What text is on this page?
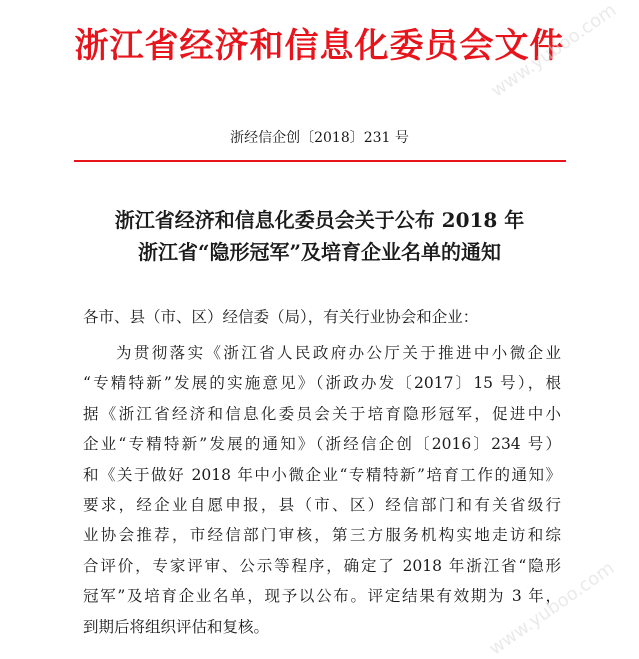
浙江省经济和信息化委员会文件
浙经信企创〔2018〕231 号
浙江省经济和信息化委员会关于公布 2018 年
浙江省“隐形冠军”及培育企业名单的通知
各市、县（市、区）经信委（局），有关行业协会和企业：
为贯彻落实《浙江省人民政府办公厅关于推进中小微企业
“专精特新”发展的实施意见》（浙政办发〔2017〕15 号），根
据《浙江省经济和信息化委员会关于培育隐形冠军，促进中小
企业“专精特新”发展的通知》（浙经信企创〔2016〕234 号）
和《关于做好 2018 年中小微企业“专精特新”培育工作的通知》
要求，经企业自愿申报，县（市、区）经信部门和有关省级行
业协会推荐，市经信部门审核，第三方服务机构实地走访和综
合评价，专家评审、公示等程序，确定了 2018 年浙江省“隐形
冠军”及培育企业名单，现予以公布。评定结果有效期为 3 年，
到期后将组织评估和复核。
www.yuboo.com
www.yuboo.com
